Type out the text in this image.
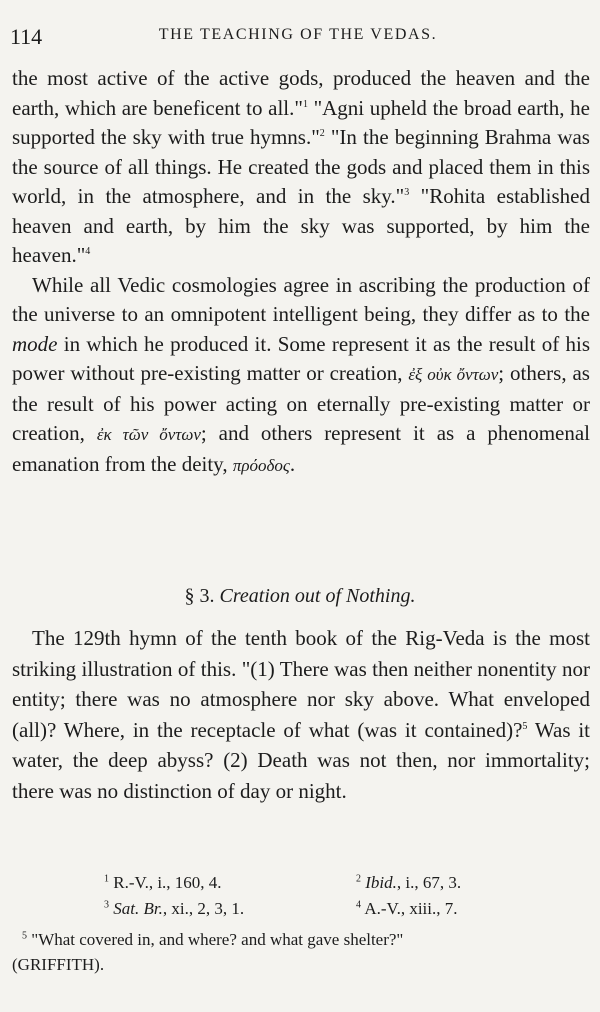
114	THE TEACHING OF THE VEDAS.

the most active of the active gods, produced the heaven and the earth, which are beneficent to all."$^1$ "Agni upheld the broad earth, he supported the sky with true hymns."$^2$ "In the beginning Brahma was the source of all things. He created the gods and placed them in this world, in the atmosphere, and in the sky."$^3$ "Rohita established heaven and earth, by him the sky was supported, by him the heaven."$^4$

While all Vedic cosmologies agree in ascribing the production of the universe to an omnipotent intelligent being, they differ as to the mode in which he produced it. Some represent it as the result of his power without pre-existing matter or creation, ἐξ οὐκ ὄντων; others, as the result of his power acting on eternally pre-existing matter or creation, ἐκ τῶν ὄντων; and others represent it as a phenomenal emanation from the deity, πρόοδος.

§ 3. Creation out of Nothing.

The 129th hymn of the tenth book of the Rig-Veda is the most striking illustration of this. "(1) There was then neither nonentity nor entity; there was no atmosphere nor sky above. What enveloped (all)? Where, in the receptacle of what (was it contained)?$^5$ Was it water, the deep abyss? (2) Death was not then, nor immortality; there was no distinction of day or night.

$^1$ R.-V., i., 160, 4.	$^2$ Ibid., i., 67, 3.
$^3$ Sat. Br., xi., 2, 3, 1.	$^4$ A.-V., xiii., 7.
$^5$ "What covered in, and where? and what gave shelter?"
(GRIFFITH).
